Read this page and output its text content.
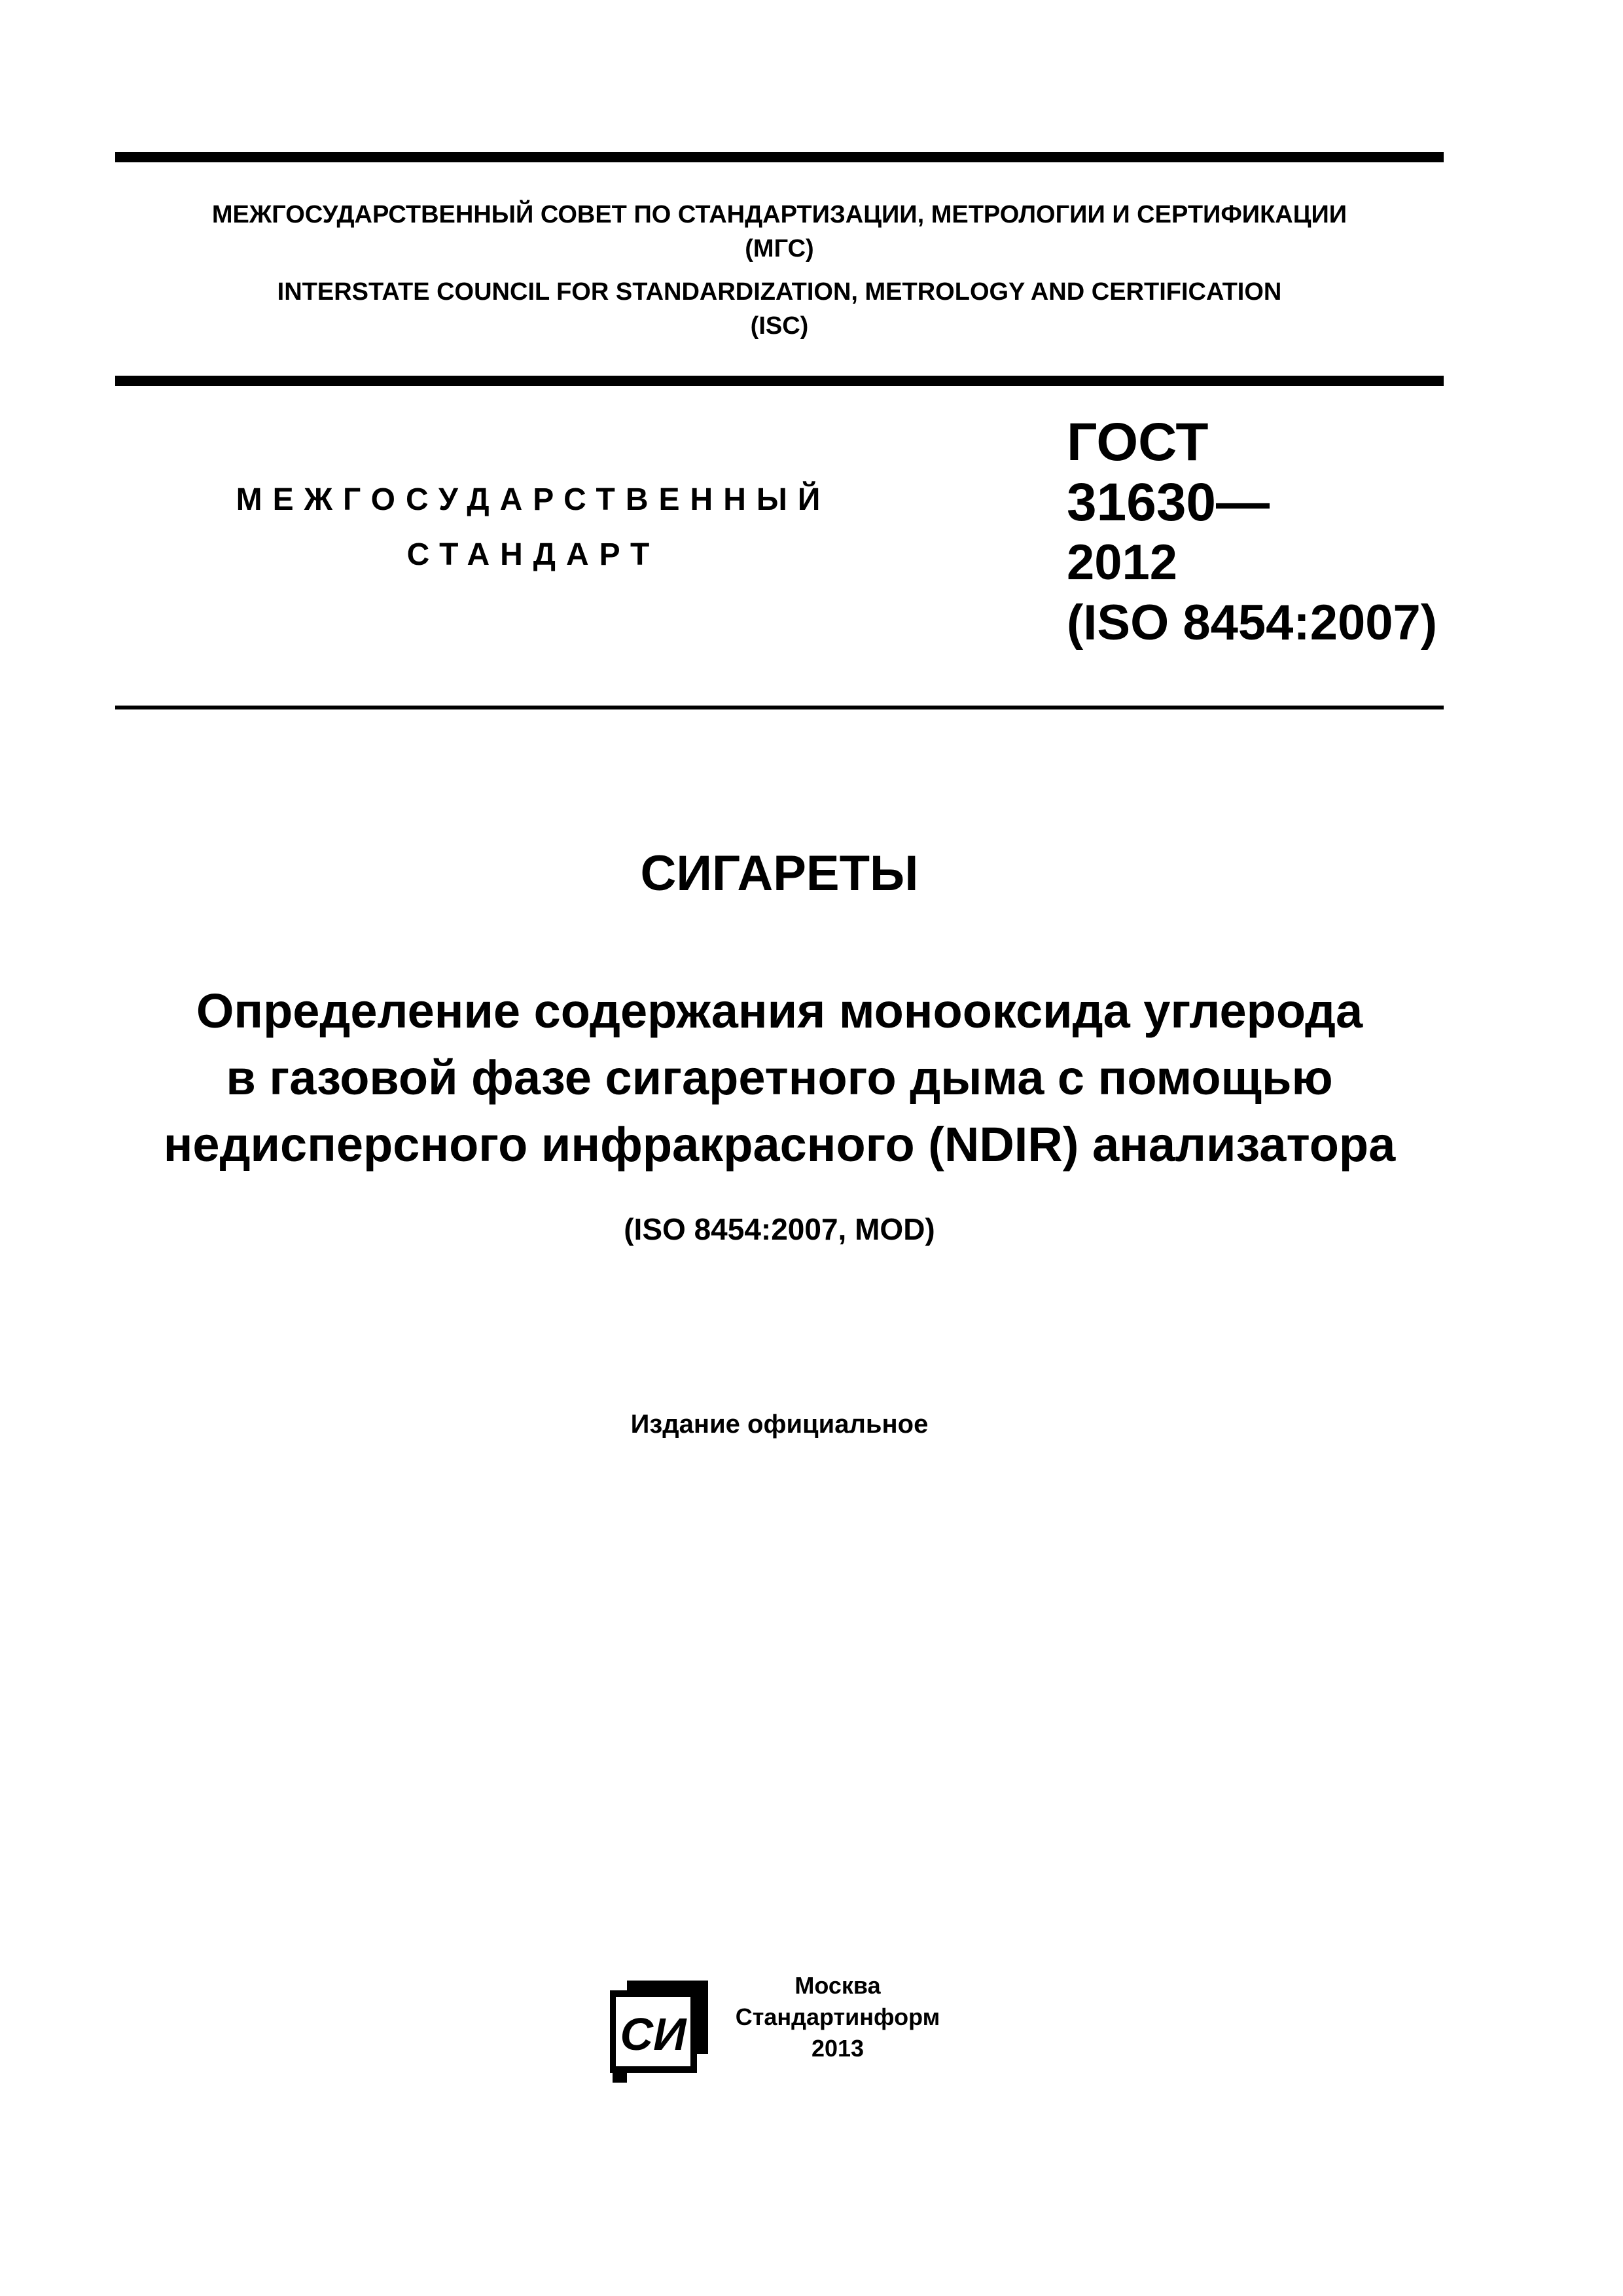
МЕЖГОСУДАРСТВЕННЫЙ СОВЕТ ПО СТАНДАРТИЗАЦИИ, МЕТРОЛОГИИ И СЕРТИФИКАЦИИ
(МГС)
INTERSTATE COUNCIL FOR STANDARDIZATION, METROLOGY AND CERTIFICATION
(ISC)
МЕЖГОСУДАРСТВЕННЫЙ
СТАНДАРТ
ГОСТ
31630—
2012
(ISO 8454:2007)
СИГАРЕТЫ
Определение содержания монооксида углерода
в газовой фазе сигаретного дыма с помощью
недисперсного инфракрасного (NDIR) анализатора
(ISO 8454:2007, MOD)
Издание официальное
СИ
Москва
Стандартинформ
2013
